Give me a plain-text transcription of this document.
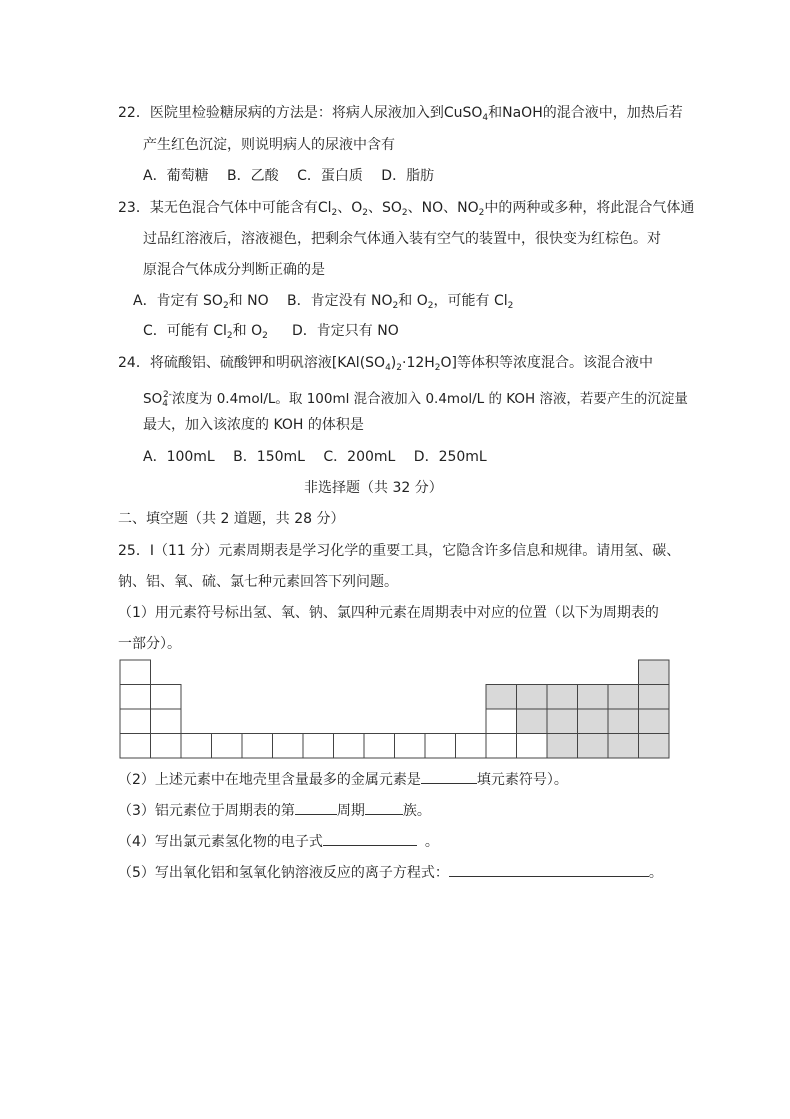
22．医院里检验糖尿病的方法是：将病人尿液加入到CuSO$_4$和NaOH的混合液中，加热后若
产生红色沉淀，则说明病人的尿液中含有
A．葡萄糖　 B．乙酸　 C．蛋白质　 D．脂肪
23．某无色混合气体中可能含有$Cl_2$、$O_2$、$SO_2$、NO、$NO_2$中的两种或多种，将此混合气体通
过品红溶液后，溶液褪色，把剩余气体通入装有空气的装置中，很快变为红棕色。对
原混合气体成分判断正确的是
A．肯定有 $SO_2$和 NO B．肯定没有 $NO_2$和 $O_2$，可能有 $Cl_2$
C．可能有 $Cl_2$和 $O_2$ D．肯定只有 NO
24．将硫酸铝、硫酸钾和明矾溶液$[KAl(SO_4)_2\cdot 12H_2O]$等体积等浓度混合。该混合液中
$SO_4^{2-}$浓度为 0.4mol/L。取 100ml 混合液加入 0.4mol/L 的 KOH 溶液，若要产生的沉淀量
最大，加入该浓度的 KOH 的体积是
A．100mL　 B．150mL　 C．200mL　 D．250mL
非选择题（共 32 分）
二、填空题（共 2 道题，共 28 分）
25．Ⅰ（11 分）元素周期表是学习化学的重要工具，它隐含许多信息和规律。请用氢、碳、
钠、铝、氧、硫、氯七种元素回答下列问题。
（1）用元素符号标出氢、氧、钠、氯四种元素在周期表中对应的位置（以下为周期表的
一部分）。
（2）上述元素中在地壳里含量最多的金属元素是	填元素符号）。
（3）铝元素位于周期表的第	周期	族。
（4）写出氯元素氢化物的电子式	。
（5）写出氧化铝和氢氧化钠溶液反应的离子方程式：	。
